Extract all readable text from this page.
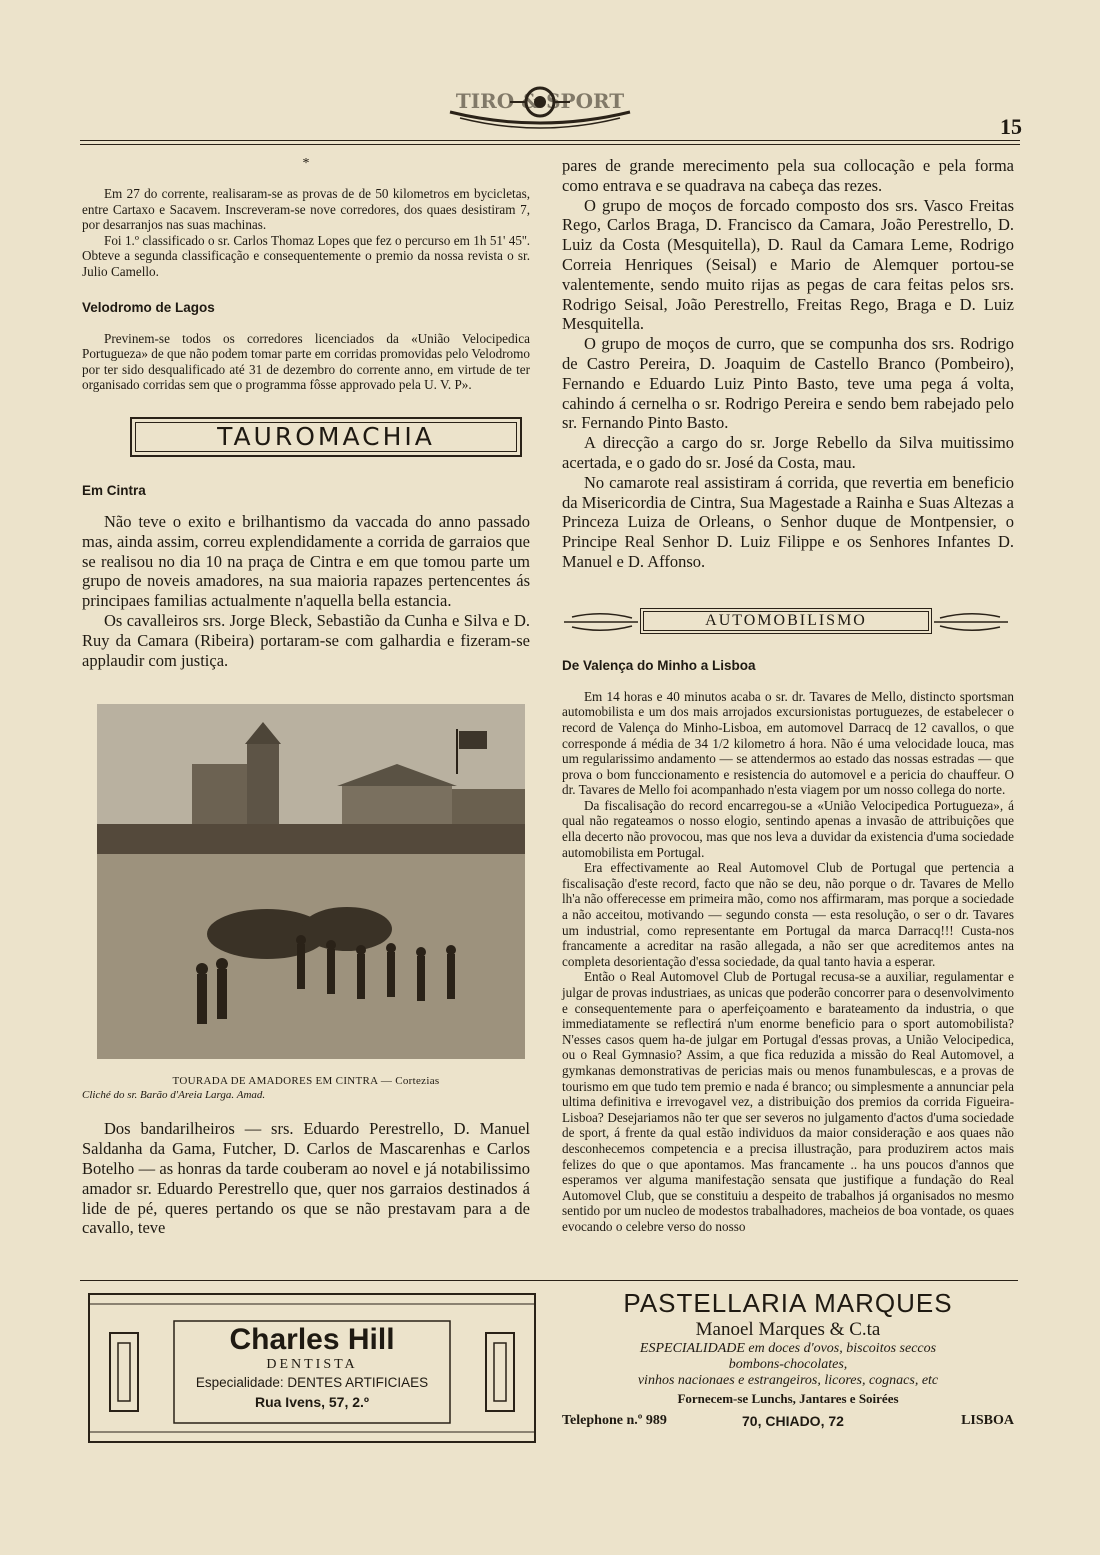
TIRO & SPORT
15
*

Em 27 do corrente, realisaram-se as provas de de 50 kilometros em bycicletas, entre Cartaxo e Sacavem. Inscreveram-se nove corredores, dos quaes desistiram 7, por desarranjos nas suas machinas.

Foi 1.º classificado o sr. Carlos Thomaz Lopes que fez o percurso em 1h 51' 45''. Obteve a segunda classificação e consequentemente o premio da nossa revista o sr. Julio Camello.

Velodromo de Lagos

Previnem-se todos os corredores licenciados da «União Velocipedica Portugueza» de que não podem tomar parte em corridas promovidas pelo Velodromo por ter sido desqualificado até 31 de dezembro do corrente anno, em virtude de ter organisado corridas sem que o programma fôsse approvado pela U. V. P».

TAUROMACHIA
Em Cintra

Não teve o exito e brilhantismo da vaccada do anno passado mas, ainda assim, correu explendidamente a corrida de garraios que se realisou no dia 10 na praça de Cintra e em que tomou parte um grupo de noveis amadores, na sua maioria rapazes pertencentes ás principaes familias actualmente n'aquella bella estancia.

Os cavalleiros srs. Jorge Bleck, Sebastião da Cunha e Silva e D. Ruy da Camara (Ribeira) portaram-se com galhardia e fizeram-se applaudir com justiça.

TOURADA DE AMADORES EM CINTRA — Cortezias
Cliché do sr. Barão d'Areia Larga. Amad.

Dos bandarilheiros — srs. Eduardo Perestrello, D. Manuel Saldanha da Gama, Futcher, D. Carlos de Mascarenhas e Carlos Botelho — as honras da tarde couberam ao novel e já notabilissimo amador sr. Eduardo Perestrello que, quer nos garraios destinados á lide de pé, queres pertando os que se não prestavam para a de cavallo, teve

pares de grande merecimento pela sua collocação e pela forma como entrava e se quadrava na cabeça das rezes.

O grupo de moços de forcado composto dos srs. Vasco Freitas Rego, Carlos Braga, D. Francisco da Camara, João Perestrello, D. Luiz da Costa (Mesquitella), D. Raul da Camara Leme, Rodrigo Correia Henriques (Seisal) e Mario de Alemquer portou-se valentemente, sendo muito rijas as pegas de cara feitas pelos srs. Rodrigo Seisal, João Perestrello, Freitas Rego, Braga e D. Luiz Mesquitella.

O grupo de moços de curro, que se compunha dos srs. Rodrigo de Castro Pereira, D. Joaquim de Castello Branco (Pombeiro), Fernando e Eduardo Luiz Pinto Basto, teve uma pega á volta, cahindo á cernelha o sr. Rodrigo Pereira e sendo bem rabejado pelo sr. Fernando Pinto Basto.

A direcção a cargo do sr. Jorge Rebello da Silva muitissimo acertada, e o gado do sr. José da Costa, mau.

No camarote real assistiram á corrida, que revertia em beneficio da Misericordia de Cintra, Sua Magestade a Rainha e Suas Altezas a Princeza Luiza de Orleans, o Senhor duque de Montpensier, o Principe Real Senhor D. Luiz Filippe e os Senhores Infantes D. Manuel e D. Affonso.

AUTOMOBILISMO
De Valença do Minho a Lisboa

Em 14 horas e 40 minutos acaba o sr. dr. Tavares de Mello, distincto sportsman automobilista e um dos mais arrojados excursionistas portuguezes, de estabelecer o record de Valença do Minho-Lisboa, em automovel Darracq de 12 cavallos, o que corresponde á média de 34 1/2 kilometro á hora. Não é uma velocidade louca, mas um regularissimo andamento — se attendermos ao estado das nossas estradas — que prova o bom funccionamento e resistencia do automovel e a pericia do chauffeur. O dr. Tavares de Mello foi acompanhado n'esta viagem por um nosso collega do norte.

Da fiscalisação do record encarregou-se a «União Velocipedica Portugueza», á qual não regateamos o nosso elogio, sentindo apenas a invasão de attribuições que ella decerto não provocou, mas que nos leva a duvidar da existencia d'uma sociedade automobilista em Portugal.

Era effectivamente ao Real Automovel Club de Portugal que pertencia a fiscalisação d'este record, facto que não se deu, não porque o dr. Tavares de Mello lh'a não offerecesse em primeira mão, como nos affirmaram, mas porque a sociedade a não acceitou, motivando — segundo consta — esta resolução, o ser o dr. Tavares um industrial, como representante em Portugal da marca Darracq!!! Custa-nos francamente a acreditar na rasão allegada, a não ser que acreditemos antes na completa desorientação d'essa sociedade, da qual tanto havia a esperar.

Então o Real Automovel Club de Portugal recusa-se a auxiliar, regulamentar e julgar de provas industriaes, as unicas que poderão concorrer para o desenvolvimento e consequentemente para o aperfeiçoamento e barateamento da industria, o que immediatamente se reflectirá n'um enorme beneficio para o sport automobilista? N'esses casos quem ha-de julgar em Portugal d'essas provas, a União Velocipedica, ou o Real Gymnasio? Assim, a que fica reduzida a missão do Real Automovel, a gymkanas demonstrativas de pericias mais ou menos funambulescas, e a provas de tourismo em que tudo tem premio e nada é branco; ou simplesmente a annunciar pela ultima definitiva e irrevogavel vez, a distribuição dos premios da corrida Figueira-Lisboa? Desejariamos não ter que ser severos no julgamento d'actos d'uma sociedade de sport, á frente da qual estão individuos da maior consideração e aos quaes não desconhecemos competencia e a precisa illustração, para produzirem actos mais felizes do que o que apontamos. Mas francamente .. ha uns poucos d'annos que esperamos ver alguma manifestação sensata que justifique a fundação do Real Automovel Club, que se constituiu a despeito de trabalhos já organisados no mesmo sentido por um nucleo de modestos trabalhadores, macheios de boa vontade, os quaes evocando o celebre verso do nosso

Charles Hill
DENTISTA
Especialidade: DENTES ARTIFICIAES
Rua Ivens, 57, 2.º
PASTELLARIA MARQUES
Manoel Marques & C.ta
ESPECIALIDADE em doces d'ovos, biscoitos seccos
bombons-chocolates,
vinhos nacionaes e estrangeiros, licores, cognacs, etc
Fornecem-se Lunchs, Jantares e Soirées
Telephone n.º 989	70, CHIADO, 72	LISBOA
